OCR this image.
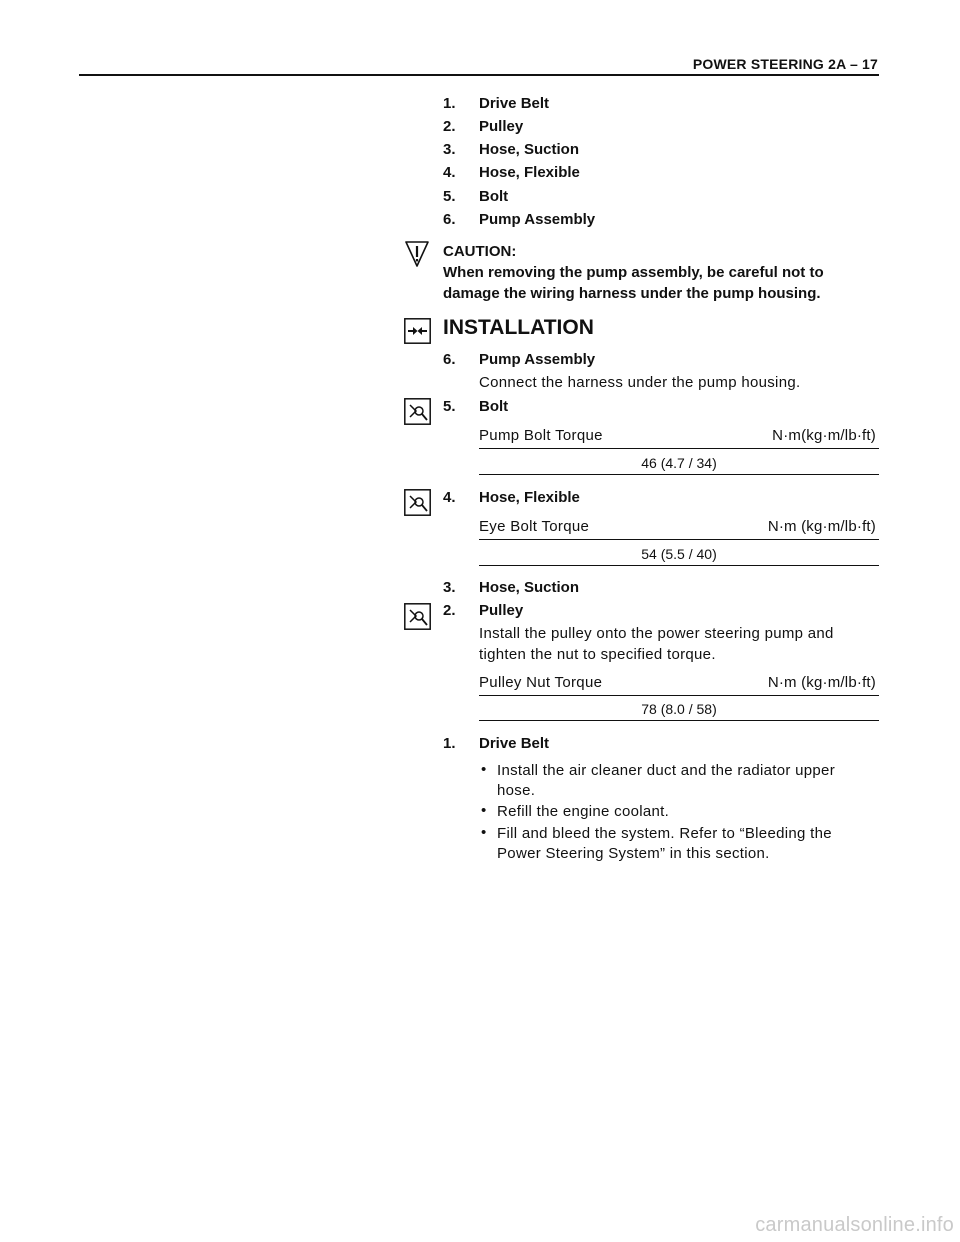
POWER STEERING 2A – 17
1. Drive Belt
2. Pulley
3. Hose, Suction
4. Hose, Flexible
5. Bolt
6. Pump Assembly
CAUTION:
When removing the pump assembly, be careful not to
damage the wiring harness under the pump housing.
INSTALLATION
6. Pump Assembly
Connect the harness under the pump housing.
5. Bolt
Pump Bolt Torque	N·m(kg·m/lb·ft)
46 (4.7 / 34)
4. Hose, Flexible
Eye Bolt Torque	N·m (kg·m/lb·ft)
54 (5.5 / 40)
3. Hose, Suction
2. Pulley
Install the pulley onto the power steering pump and
tighten the nut to specified torque.
Pulley Nut Torque	N·m (kg·m/lb·ft)
78 (8.0 / 58)
1. Drive Belt
• Install the air cleaner duct and the radiator upper
hose.
• Refill the engine coolant.
• Fill and bleed the system. Refer to “Bleeding the
Power Steering System” in this section.
carmanualsonline.info
